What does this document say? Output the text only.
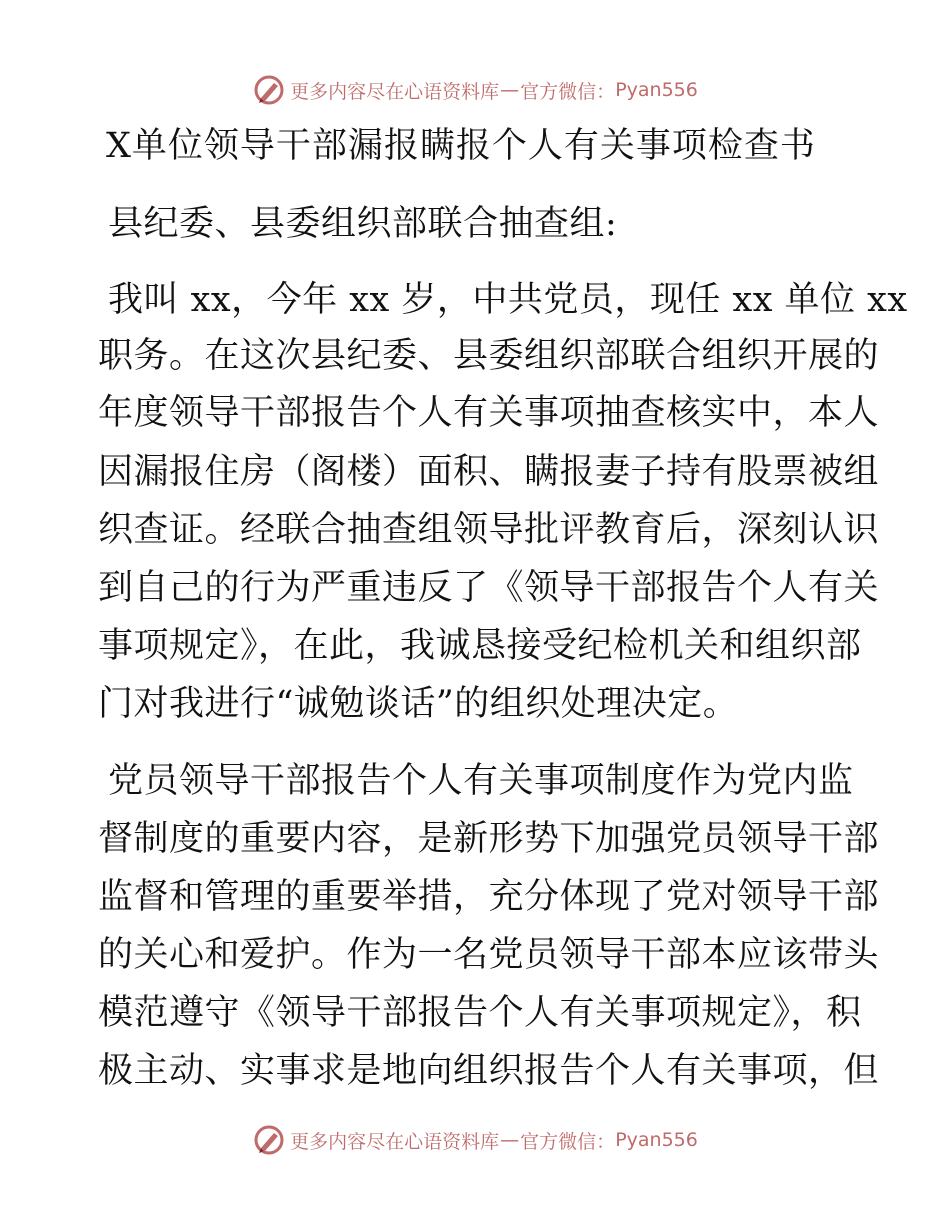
更多内容尽在心语资料库 — 官方微信： Pyan556
X单位领导干部漏报瞒报个人有关事项检查书
县纪委、县委组织部联合抽查组:
我叫 xx，今年 xx 岁，中共党员，现任 xx 单位 xx
职务。在这次县纪委、县委组织部联合组织开展的
年度领导干部报告个人有关事项抽查核实中，本人
因漏报住房（阁楼）面积、瞒报妻子持有股票被组
织查证。经联合抽查组领导批评教育后，深刻认识
到自己的行为严重违反了《领导干部报告个人有关
事项规定》，在此，我诚恳接受纪检机关和组织部
门对我进行“诚勉谈话”的组织处理决定。
党员领导干部报告个人有关事项制度作为党内监
督制度的重要内容，是新形势下加强党员领导干部
监督和管理的重要举措，充分体现了党对领导干部
的关心和爱护。作为一名党员领导干部本应该带头
模范遵守《领导干部报告个人有关事项规定》，积
极主动、实事求是地向组织报告个人有关事项，但
更多内容尽在心语资料库 — 官方微信： Pyan556
